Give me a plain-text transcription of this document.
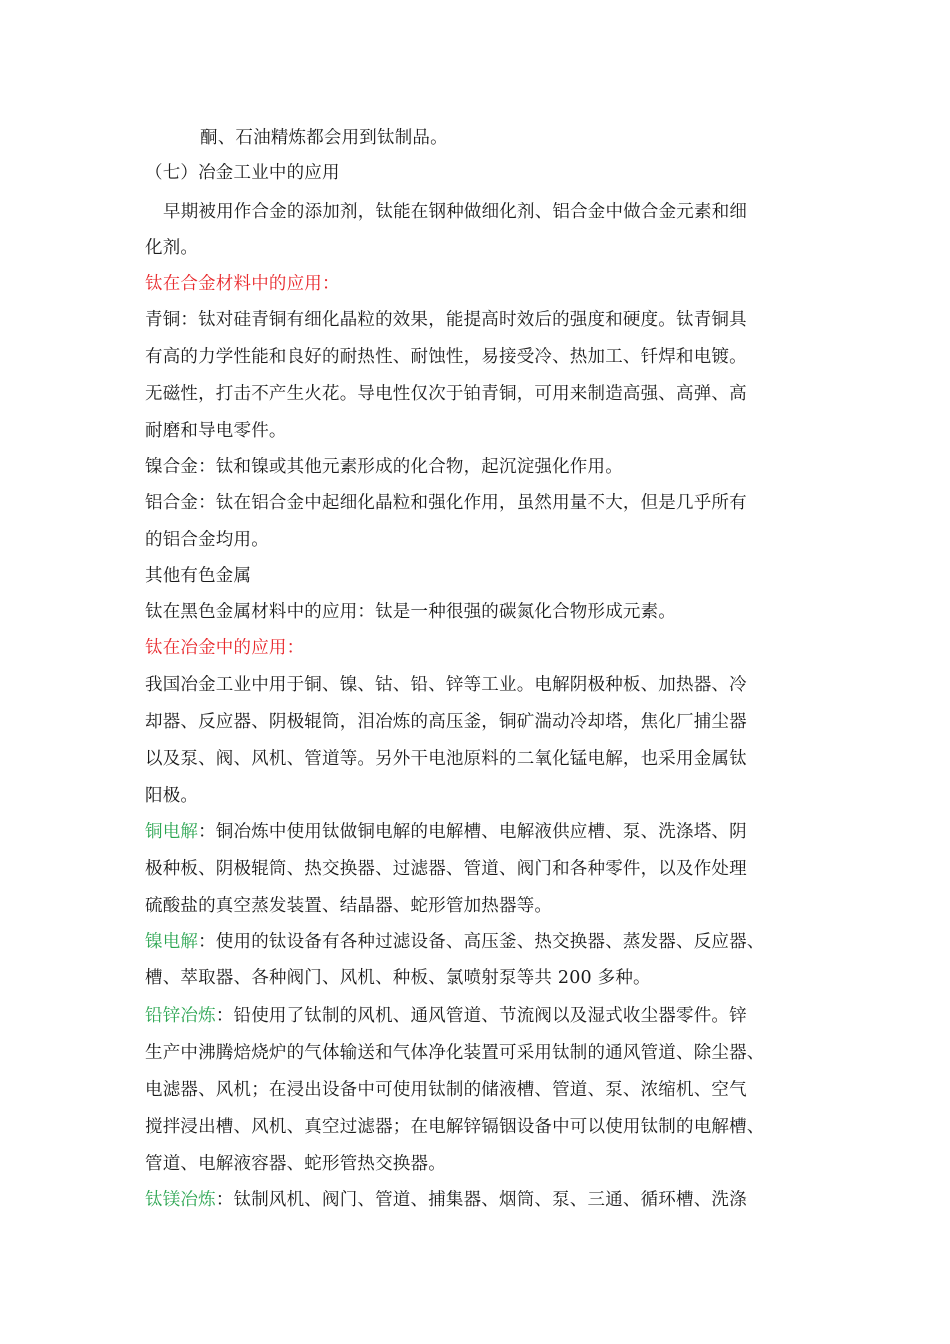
酮、石油精炼都会用到钛制品。
（七）冶金工业中的应用
早期被用作合金的添加剂，钛能在钢种做细化剂、铝合金中做合金元素和细
化剂。
钛在合金材料中的应用：
青铜：钛对硅青铜有细化晶粒的效果，能提高时效后的强度和硬度。钛青铜具
有高的力学性能和良好的耐热性、耐蚀性，易接受冷、热加工、钎焊和电镀。
无磁性，打击不产生火花。导电性仅次于铂青铜，可用来制造高强、高弹、高
耐磨和导电零件。
镍合金：钛和镍或其他元素形成的化合物，起沉淀强化作用。
铝合金：钛在铝合金中起细化晶粒和强化作用，虽然用量不大，但是几乎所有
的铝合金均用。
其他有色金属
钛在黑色金属材料中的应用：钛是一种很强的碳氮化合物形成元素。
钛在冶金中的应用：
我国冶金工业中用于铜、镍、钴、铅、锌等工业。电解阴极种板、加热器、冷
却器、反应器、阴极辊筒，泪冶炼的高压釜，铜矿湍动冷却塔，焦化厂捕尘器
以及泵、阀、风机、管道等。另外干电池原料的二氧化锰电解，也采用金属钛
阳极。
铜电解：铜冶炼中使用钛做铜电解的电解槽、电解液供应槽、泵、洗涤塔、阴
极种板、阴极辊筒、热交换器、过滤器、管道、阀门和各种零件，以及作处理
硫酸盐的真空蒸发装置、结晶器、蛇形管加热器等。
镍电解：使用的钛设备有各种过滤设备、高压釜、热交换器、蒸发器、反应器、
槽、萃取器、各种阀门、风机、种板、氯喷射泵等共 200 多种。
铅锌冶炼：铅使用了钛制的风机、通风管道、节流阀以及湿式收尘器零件。锌
生产中沸腾焙烧炉的气体输送和气体净化装置可采用钛制的通风管道、除尘器、
电滤器、风机；在浸出设备中可使用钛制的储液槽、管道、泵、浓缩机、空气
搅拌浸出槽、风机、真空过滤器；在电解锌镉铟设备中可以使用钛制的电解槽、
管道、电解液容器、蛇形管热交换器。
钛镁冶炼：钛制风机、阀门、管道、捕集器、烟筒、泵、三通、循环槽、洗涤
